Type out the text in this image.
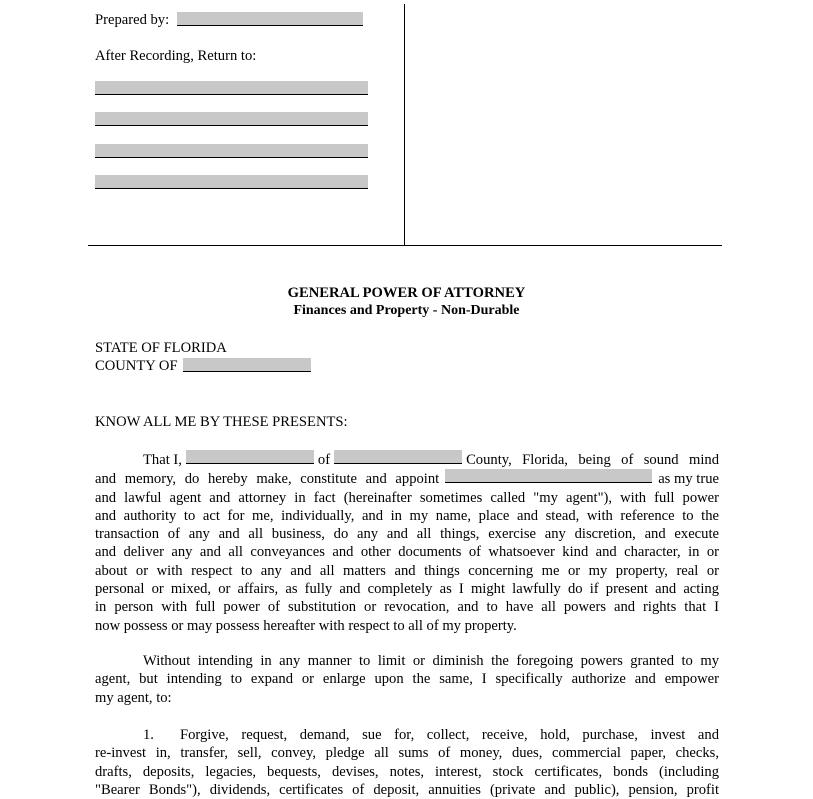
Prepared by:
After Recording, Return to:
GENERAL POWER OF ATTORNEY
Finances and Property - Non-Durable
STATE OF FLORIDA
COUNTY OF
KNOW ALL ME BY THESE PRESENTS:
That I,	of	County, Florida, being of sound mind
and memory, do hereby make, constitute and appoint	as my true
and lawful agent and attorney in fact (hereinafter sometimes called "my agent"), with full power
and authority to act for me, individually, and in my name, place and stead, with reference to the
transaction of any and all business, do any and all things, exercise any discretion, and execute
and deliver any and all conveyances and other documents of whatsoever kind and character, in or
about or with respect to any and all matters and things concerning me or my property, real or
personal or mixed, or affairs, as fully and completely as I might lawfully do if present and acting
in person with full power of substitution or revocation, and to have all powers and rights that I
now possess or may possess hereafter with respect to all of my property.
Without intending in any manner to limit or diminish the foregoing powers granted to my
agent, but intending to expand or enlarge upon the same, I specifically authorize and empower
my agent, to:
1.	Forgive, request, demand, sue for, collect, receive, hold, purchase, invest and
re-invest in, transfer, sell, convey, pledge all sums of money, dues, commercial paper, checks,
drafts, deposits, legacies, bequests, devises, notes, interest, stock certificates, bonds (including
"Bearer Bonds"), dividends, certificates of deposit, annuities (private and public), pension, profit
